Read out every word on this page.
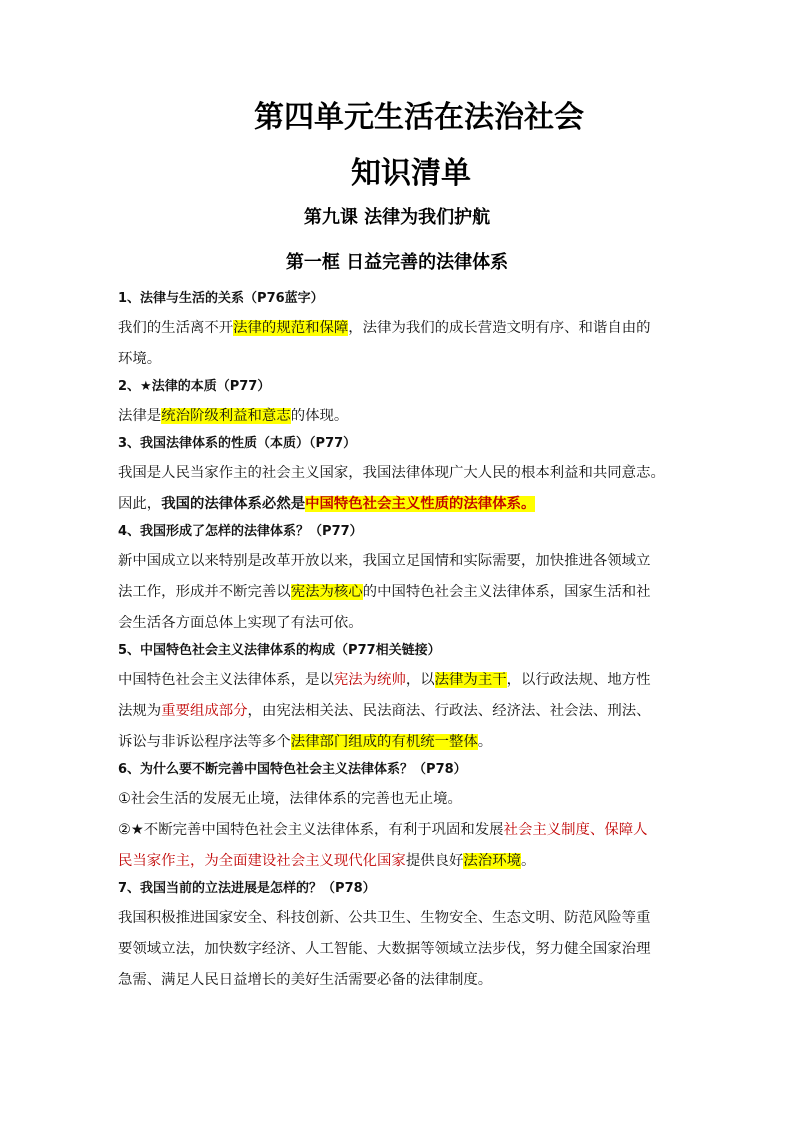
第四单元生活在法治社会
知识清单
第九课 法律为我们护航
第一框 日益完善的法律体系
1、法律与生活的关系（P76蓝字）
我们的生活离不开法律的规范和保障，法律为我们的成长营造文明有序、和谐自由的
环境。
2、★法律的本质（P77）
法律是统治阶级利益和意志的体现。
3、我国法律体系的性质（本质）（P77）
我国是人民当家作主的社会主义国家，我国法律体现广大人民的根本利益和共同意志。
因此，我国的法律体系必然是中国特色社会主义性质的法律体系。
4、我国形成了怎样的法律体系？（P77）
新中国成立以来特别是改革开放以来，我国立足国情和实际需要，加快推进各领域立
法工作，形成并不断完善以宪法为核心的中国特色社会主义法律体系，国家生活和社
会生活各方面总体上实现了有法可依。
5、中国特色社会主义法律体系的构成（P77相关链接）
中国特色社会主义法律体系，是以宪法为统帅，以法律为主干，以行政法规、地方性
法规为重要组成部分，由宪法相关法、民法商法、行政法、经济法、社会法、刑法、
诉讼与非诉讼程序法等多个法律部门组成的有机统一整体。
6、为什么要不断完善中国特色社会主义法律体系？（P78）
①社会生活的发展无止境，法律体系的完善也无止境。
②★不断完善中国特色社会主义法律体系，有利于巩固和发展社会主义制度、保障人
民当家作主，为全面建设社会主义现代化国家提供良好法治环境。
7、我国当前的立法进展是怎样的？（P78）
我国积极推进国家安全、科技创新、公共卫生、生物安全、生态文明、防范风险等重
要领域立法，加快数字经济、人工智能、大数据等领域立法步伐，努力健全国家治理
急需、满足人民日益增长的美好生活需要必备的法律制度。
